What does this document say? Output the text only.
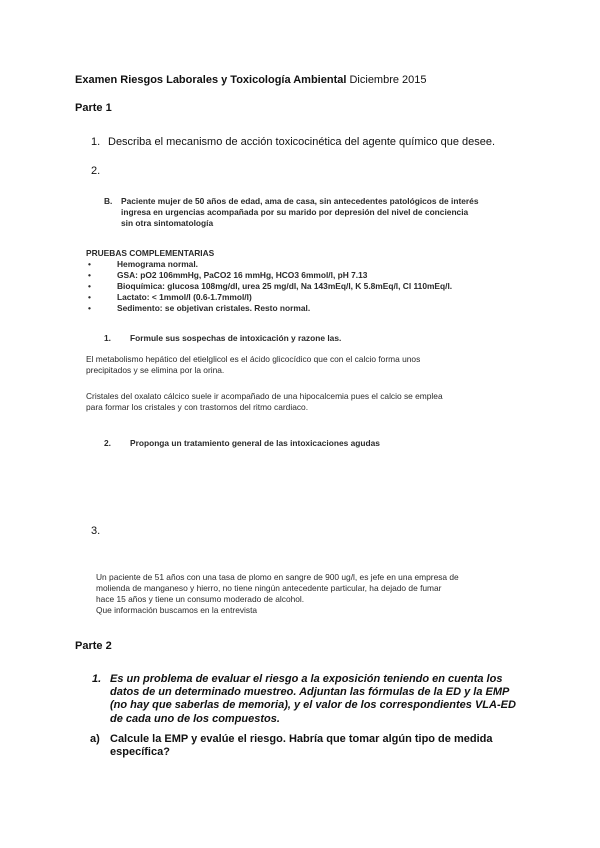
Examen Riesgos Laborales y Toxicología Ambiental Diciembre 2015
Parte 1
1. Describa el mecanismo de acción toxicocinética del agente químico que desee.
2.
B. Paciente mujer de 50 años de edad, ama de casa, sin antecedentes patológicos de interés
ingresa en urgencias acompañada por su marido por depresión del nivel de conciencia
sin otra sintomatología
PRUEBAS COMPLEMENTARIAS
• Hemograma normal.
• GSA: pO2 106mmHg, PaCO2 16 mmHg, HCO3 6mmol/l, pH 7.13
• Bioquímica: glucosa 108mg/dl, urea 25 mg/dl, Na 143mEq/l, K 5.8mEq/l, Cl 110mEq/l.
• Lactato: < 1mmol/l (0.6-1.7mmol/l)
• Sedimento: se objetivan cristales. Resto normal.
1. Formule sus sospechas de intoxicación y razone las.
El metabolismo hepático del etielglicol es el ácido glicocídico que con el calcio forma unos
precipitados y se elimina por la orina.
Cristales del oxalato cálcico suele ir acompañado de una hipocalcemia pues el calcio se emplea
para formar los cristales y con trastornos del ritmo cardiaco.
2. Proponga un tratamiento general de las intoxicaciones agudas
3.
Un paciente de 51 años con una tasa de plomo en sangre de 900 ug/l, es jefe en una empresa de
molienda de manganeso y hierro, no tiene ningún antecedente particular, ha dejado de fumar
hace 15 años y tiene un consumo moderado de alcohol.
Que información buscamos en la entrevista
Parte 2
1. Es un problema de evaluar el riesgo a la exposición teniendo en cuenta los
datos de un determinado muestreo. Adjuntan las fórmulas de la ED y la EMP
(no hay que saberlas de memoria), y el valor de los correspondientes VLA-ED
de cada uno de los compuestos.
a) Calcule la EMP y evalúe el riesgo. Habría que tomar algún tipo de medida
específica?
